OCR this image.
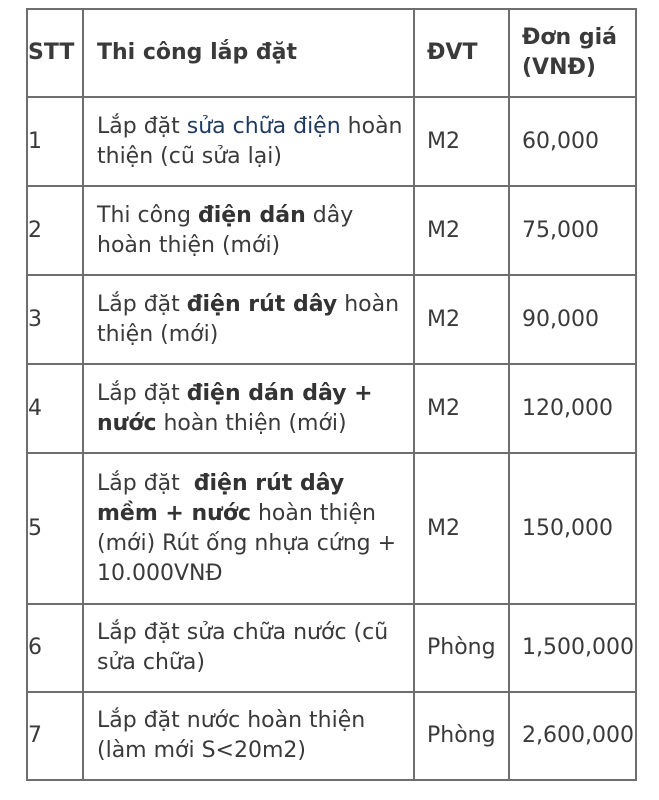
STT	Thi công lắp đặt	ĐVT	Đơn giá
(VNĐ)
1	Lắp đặt sửa chữa điện hoàn thiện (cũ sửa lại)	M2	60,000
2	Thi công điện dán dây hoàn thiện (mới)	M2	75,000
3	Lắp đặt điện rút dây hoàn thiện (mới)	M2	90,000
4	Lắp đặt điện dán dây + nước hoàn thiện (mới)	M2	120,000
5	Lắp đặt  điện rút dây mềm + nước hoàn thiện (mới) Rút ống nhựa cứng + 10.000VNĐ	M2	150,000
6	Lắp đặt sửa chữa nước (cũ sửa chữa)	Phòng	1,500,000
7	Lắp đặt nước hoàn thiện (làm mới S<20m2)	Phòng	2,600,000
